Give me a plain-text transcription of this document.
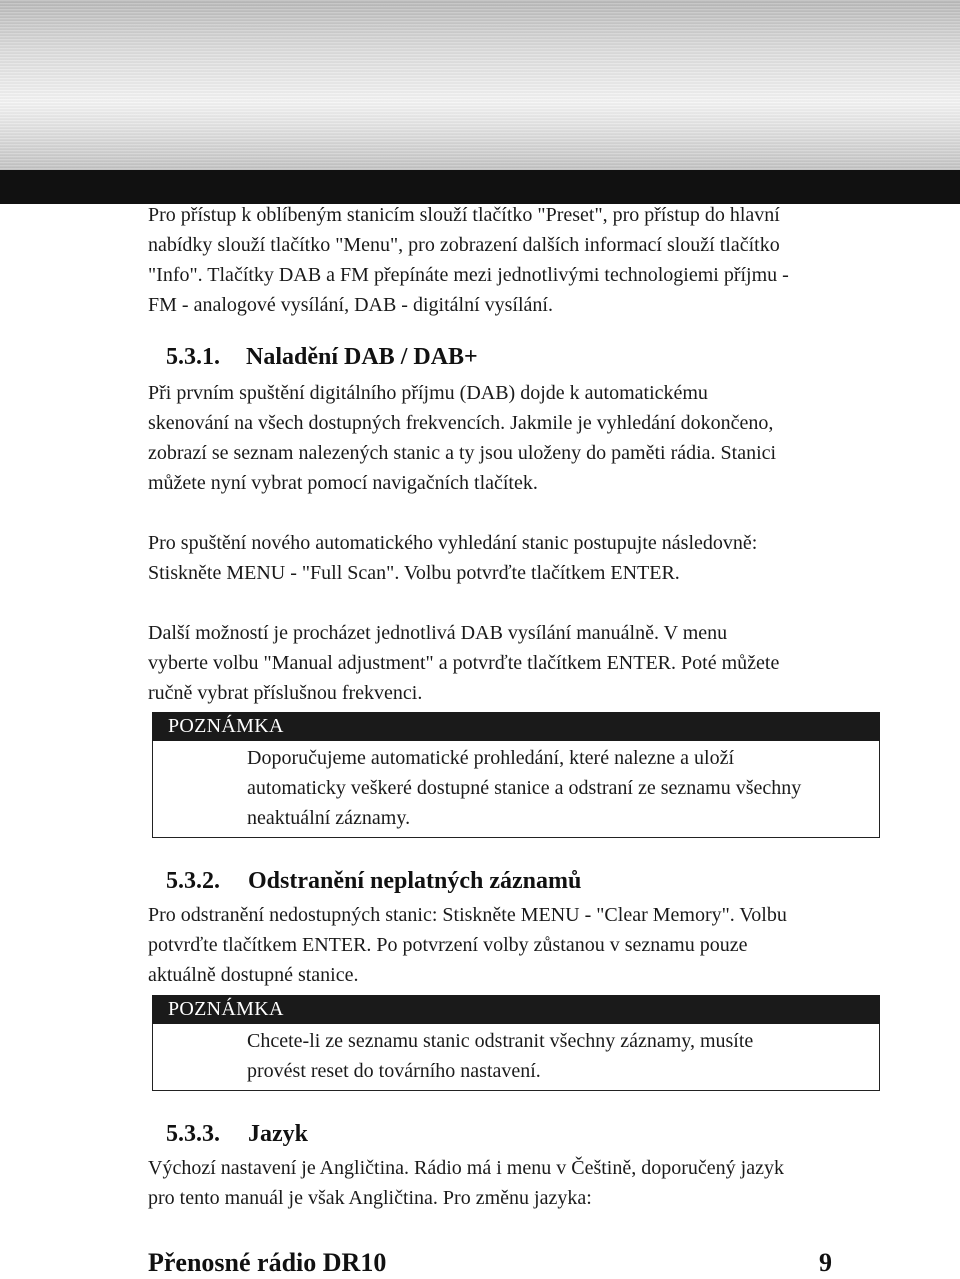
Pro přístup k oblíbeným stanicím slouží tlačítko "Preset", pro přístup do hlavní

nabídky slouží tlačítko "Menu", pro zobrazení dalších informací slouží tlačítko

"Info". Tlačítky DAB a FM přepínáte mezi jednotlivými technologiemi příjmu -

FM - analogové vysílání, DAB - digitální vysílání.

5.3.1.	Naladění DAB / DAB+

Při prvním spuštění digitálního příjmu (DAB) dojde k automatickému

skenování na všech dostupných frekvencích. Jakmile je vyhledání dokončeno,

zobrazí se seznam nalezených stanic a ty jsou uloženy do paměti rádia. Stanici

můžete nyní vybrat pomocí navigačních tlačítek.

Pro spuštění nového automatického vyhledání stanic postupujte následovně:

Stiskněte MENU - "Full Scan". Volbu potvrďte tlačítkem ENTER.

Další možností je procházet jednotlivá DAB vysílání manuálně. V menu

vyberte volbu "Manual adjustment" a potvrďte tlačítkem ENTER. Poté můžete

ručně vybrat příslušnou frekvenci.

POZNÁMKA

Doporučujeme automatické prohledání, které nalezne a uloží

automaticky veškeré dostupné stanice a odstraní ze seznamu všechny

neaktuální záznamy.

5.3.2.	Odstranění neplatných záznamů

Pro odstranění nedostupných stanic: Stiskněte MENU - "Clear Memory". Volbu

potvrďte tlačítkem ENTER. Po potvrzení volby zůstanou v seznamu pouze

aktuálně dostupné stanice.

POZNÁMKA

Chcete-li ze seznamu stanic odstranit všechny záznamy, musíte

provést reset do továrního nastavení.

5.3.3.	Jazyk

Výchozí nastavení je Angličtina. Rádio má i menu v Češtině, doporučený jazyk

pro tento manuál je však Angličtina. Pro změnu jazyka:

Přenosné rádio DR10	9
